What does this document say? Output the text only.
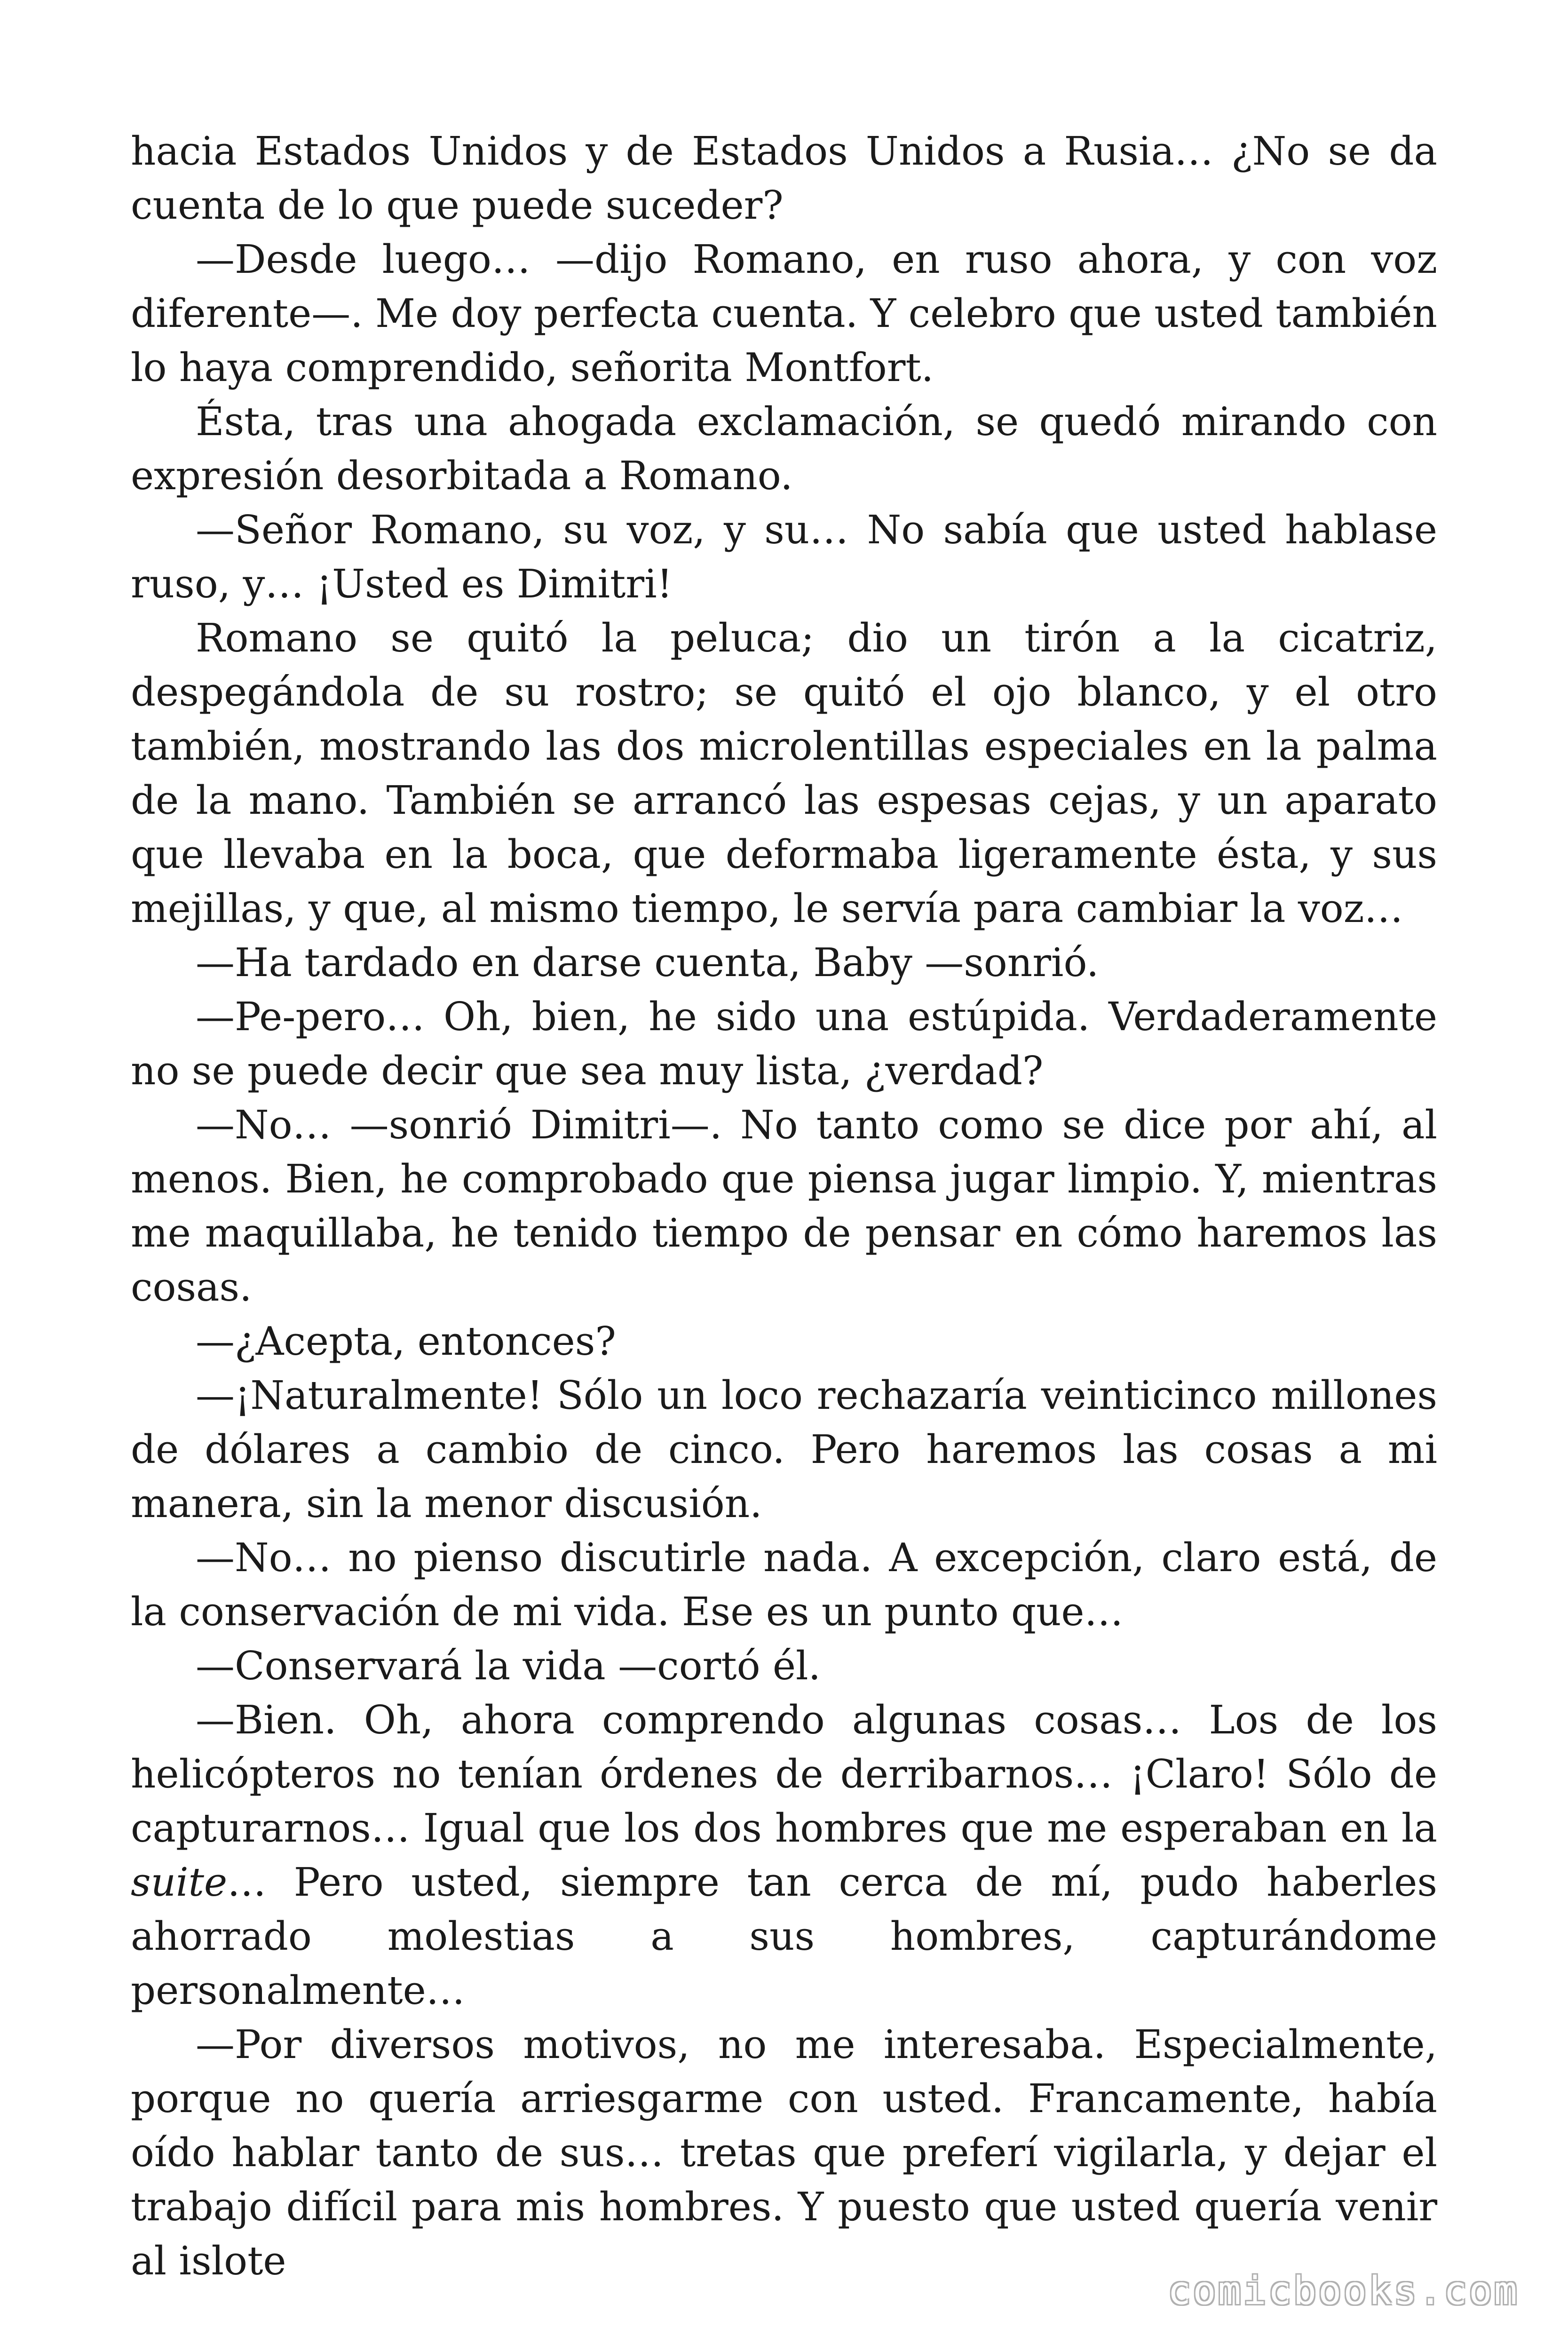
hacia Estados Unidos y de Estados Unidos a Rusia… ¿No se da cuenta de lo que puede suceder?

—Desde luego… —dijo Romano, en ruso ahora, y con voz diferente—. Me doy perfecta cuenta. Y celebro que usted también lo haya comprendido, señorita Montfort.

Ésta, tras una ahogada exclamación, se quedó mirando con expresión desorbitada a Romano.

—Señor Romano, su voz, y su… No sabía que usted hablase ruso, y… ¡Usted es Dimitri!

Romano se quitó la peluca; dio un tirón a la cicatriz, despegándola de su rostro; se quitó el ojo blanco, y el otro también, mostrando las dos microlentillas especiales en la palma de la mano. También se arrancó las espesas cejas, y un aparato que llevaba en la boca, que deformaba ligeramente ésta, y sus mejillas, y que, al mismo tiempo, le servía para cambiar la voz…

—Ha tardado en darse cuenta, Baby —sonrió.

—Pe-pero… Oh, bien, he sido una estúpida. Verdaderamente no se puede decir que sea muy lista, ¿verdad?

—No… —sonrió Dimitri—. No tanto como se dice por ahí, al menos. Bien, he comprobado que piensa jugar limpio. Y, mientras me maquillaba, he tenido tiempo de pensar en cómo haremos las cosas.

—¿Acepta, entonces?

—¡Naturalmente! Sólo un loco rechazaría veinticinco millones de dólares a cambio de cinco. Pero haremos las cosas a mi manera, sin la menor discusión.

—No… no pienso discutirle nada. A excepción, claro está, de la conservación de mi vida. Ese es un punto que…

—Conservará la vida —cortó él.

—Bien. Oh, ahora comprendo algunas cosas… Los de los helicópteros no tenían órdenes de derribarnos… ¡Claro! Sólo de capturarnos… Igual que los dos hombres que me esperaban en la suite… Pero usted, siempre tan cerca de mí, pudo haberles ahorrado molestias a sus hombres, capturándome personalmente…

—Por diversos motivos, no me interesaba. Especialmente, porque no quería arriesgarme con usted. Francamente, había oído hablar tanto de sus… tretas que preferí vigilarla, y dejar el trabajo difícil para mis hombres. Y puesto que usted quería venir al islote

comicbooks.com
